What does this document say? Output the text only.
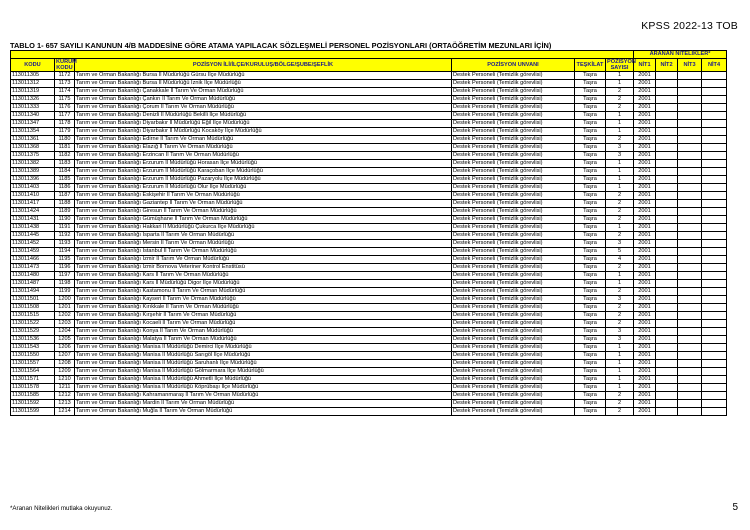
KPSS 2022-13 TOB
TABLO 1- 657 SAYILI KANUNUN 4/B MADDESİNE GÖRE ATAMA YAPILACAK SÖZLEŞMELİ PERSONEL POZİSYONLARI (ORTAÖĞRETİM MEZUNLARI İÇİN)
						ARANAN NİTELİKLER*			
KODU	KURUM KODU	POZİSYON İLİ/İLÇE/KURULUŞ/BÖLGE/ŞUBE/ŞEFLİK	POZİSYON UNVANI	TEŞKİLAT	POZİSYON SAYISI	NİT1	NİT2	NİT3	NİT4
113011305	1172	Tarım ve Orman Bakanlığı Bursa İl Müdürlüğü Gürsu İlçe Müdürlüğü	Destek Personeli (Temizlik görevlisi)	Taşra	1	2001			
113011312	1173	Tarım ve Orman Bakanlığı Bursa İl Müdürlüğü İznik İlçe Müdürlüğü	Destek Personeli (Temizlik görevlisi)	Taşra	1	2001			
113011319	1174	Tarım ve Orman Bakanlığı Çanakkale İl Tarım Ve Orman Müdürlüğü	Destek Personeli (Temizlik görevlisi)	Taşra	2	2001			
113011326	1175	Tarım ve Orman Bakanlığı Çankırı İl Tarım Ve Orman Müdürlüğü	Destek Personeli (Temizlik görevlisi)	Taşra	2	2001			
113011333	1176	Tarım ve Orman Bakanlığı Çorum İl Tarım Ve Orman Müdürlüğü	Destek Personeli (Temizlik görevlisi)	Taşra	2	2001			
113011340	1177	Tarım ve Orman Bakanlığı Denizli İl Müdürlüğü Bekilli İlçe Müdürlüğü	Destek Personeli (Temizlik görevlisi)	Taşra	1	2001			
113011347	1178	Tarım ve Orman Bakanlığı Diyarbakır İl Müdürlüğü Eğil İlçe Müdürlüğü	Destek Personeli (Temizlik görevlisi)	Taşra	1	2001			
113011354	1179	Tarım ve Orman Bakanlığı Diyarbakır İl Müdürlüğü Kocaköy İlçe Müdürlüğü	Destek Personeli (Temizlik görevlisi)	Taşra	1	2001			
113011361	1180	Tarım ve Orman Bakanlığı Edirne İl Tarım Ve Orman Müdürlüğü	Destek Personeli (Temizlik görevlisi)	Taşra	2	2001			
113011368	1181	Tarım ve Orman Bakanlığı Elazığ İl Tarım Ve Orman Müdürlüğü	Destek Personeli (Temizlik görevlisi)	Taşra	3	2001			
113011375	1182	Tarım ve Orman Bakanlığı Erzincan İl Tarım Ve Orman Müdürlüğü	Destek Personeli (Temizlik görevlisi)	Taşra	3	2001			
113011382	1183	Tarım ve Orman Bakanlığı Erzurum İl Müdürlüğü Horasan İlçe Müdürlüğü	Destek Personeli (Temizlik görevlisi)	Taşra	1	2001			
113011389	1184	Tarım ve Orman Bakanlığı Erzurum İl Müdürlüğü Karaçoban İlçe Müdürlüğü	Destek Personeli (Temizlik görevlisi)	Taşra	1	2001			
113011396	1185	Tarım ve Orman Bakanlığı Erzurum İl Müdürlüğü Pazaryolu İlçe Müdürlüğü	Destek Personeli (Temizlik görevlisi)	Taşra	1	2001			
113011403	1186	Tarım ve Orman Bakanlığı Erzurum İl Müdürlüğü Olur İlçe Müdürlüğü	Destek Personeli (Temizlik görevlisi)	Taşra	1	2001			
113011410	1187	Tarım ve Orman Bakanlığı Eskişehir İl Tarım Ve Orman Müdürlüğü	Destek Personeli (Temizlik görevlisi)	Taşra	2	2001			
113011417	1188	Tarım ve Orman Bakanlığı Gaziantep İl Tarım Ve Orman Müdürlüğü	Destek Personeli (Temizlik görevlisi)	Taşra	2	2001			
113011424	1189	Tarım ve Orman Bakanlığı Giresun İl Tarım Ve Orman Müdürlüğü	Destek Personeli (Temizlik görevlisi)	Taşra	2	2001			
113011431	1190	Tarım ve Orman Bakanlığı Gümüşhane İl Tarım Ve Orman Müdürlüğü	Destek Personeli (Temizlik görevlisi)	Taşra	2	2001			
113011438	1191	Tarım ve Orman Bakanlığı Hakkari İl Müdürlüğü Çukurca İlçe Müdürlüğü	Destek Personeli (Temizlik görevlisi)	Taşra	1	2001			
113011445	1192	Tarım ve Orman Bakanlığı Isparta İl Tarım Ve Orman Müdürlüğü	Destek Personeli (Temizlik görevlisi)	Taşra	2	2001			
113011452	1193	Tarım ve Orman Bakanlığı Mersin İl Tarım Ve Orman Müdürlüğü	Destek Personeli (Temizlik görevlisi)	Taşra	3	2001			
113011459	1194	Tarım ve Orman Bakanlığı İstanbul İl Tarım Ve Orman Müdürlüğü	Destek Personeli (Temizlik görevlisi)	Taşra	5	2001			
113011466	1195	Tarım ve Orman Bakanlığı İzmir İl Tarım Ve Orman Müdürlüğü	Destek Personeli (Temizlik görevlisi)	Taşra	4	2001			
113011473	1196	Tarım ve Orman Bakanlığı İzmir Bornova Veteriner Kontrol Enstitüsü	Destek Personeli (Temizlik görevlisi)	Taşra	2	2001			
113011480	1197	Tarım ve Orman Bakanlığı Kars İl Tarım Ve Orman Müdürlüğü	Destek Personeli (Temizlik görevlisi)	Taşra	1	2001			
113011487	1198	Tarım ve Orman Bakanlığı Kars İl Müdürlüğü Digor İlçe Müdürlüğü	Destek Personeli (Temizlik görevlisi)	Taşra	1	2001			
113011494	1199	Tarım ve Orman Bakanlığı Kastamonu İl Tarım Ve Orman Müdürlüğü	Destek Personeli (Temizlik görevlisi)	Taşra	2	2001			
113011501	1200	Tarım ve Orman Bakanlığı Kayseri İl Tarım Ve Orman Müdürlüğü	Destek Personeli (Temizlik görevlisi)	Taşra	3	2001			
113011508	1201	Tarım ve Orman Bakanlığı Kırıkkale İl Tarım Ve Orman Müdürlüğü	Destek Personeli (Temizlik görevlisi)	Taşra	2	2001			
113011515	1202	Tarım ve Orman Bakanlığı Kırşehir İl Tarım Ve Orman Müdürlüğü	Destek Personeli (Temizlik görevlisi)	Taşra	2	2001			
113011522	1203	Tarım ve Orman Bakanlığı Kocaeli İl Tarım Ve Orman Müdürlüğü	Destek Personeli (Temizlik görevlisi)	Taşra	2	2001			
113011529	1204	Tarım ve Orman Bakanlığı Konya İl Tarım Ve Orman Müdürlüğü	Destek Personeli (Temizlik görevlisi)	Taşra	3	2001			
113011536	1205	Tarım ve Orman Bakanlığı Malatya İl Tarım Ve Orman Müdürlüğü	Destek Personeli (Temizlik görevlisi)	Taşra	3	2001			
113011543	1206	Tarım ve Orman Bakanlığı Manisa İl Müdürlüğü Demirci İlçe Müdürlüğü	Destek Personeli (Temizlik görevlisi)	Taşra	1	2001			
113011550	1207	Tarım ve Orman Bakanlığı Manisa İl Müdürlüğü Sarıgöl İlçe Müdürlüğü	Destek Personeli (Temizlik görevlisi)	Taşra	1	2001			
113011557	1208	Tarım ve Orman Bakanlığı Manisa İl Müdürlüğü Saruhanlı İlçe Müdürlüğü	Destek Personeli (Temizlik görevlisi)	Taşra	1	2001			
113011564	1209	Tarım ve Orman Bakanlığı Manisa İl Müdürlüğü Gölmarmara İlçe Müdürlüğü	Destek Personeli (Temizlik görevlisi)	Taşra	1	2001			
113011571	1210	Tarım ve Orman Bakanlığı Manisa İl Müdürlüğü Ahmetli İlçe Müdürlüğü	Destek Personeli (Temizlik görevlisi)	Taşra	1	2001			
113011578	1211	Tarım ve Orman Bakanlığı Manisa İl Müdürlüğü Köprübaşı İlçe Müdürlüğü	Destek Personeli (Temizlik görevlisi)	Taşra	1	2001			
113011585	1212	Tarım ve Orman Bakanlığı Kahramanmaraş İl Tarım Ve Orman Müdürlüğü	Destek Personeli (Temizlik görevlisi)	Taşra	2	2001			
113011592	1213	Tarım ve Orman Bakanlığı Mardin İl Tarım Ve Orman Müdürlüğü	Destek Personeli (Temizlik görevlisi)	Taşra	2	2001			
113011599	1214	Tarım ve Orman Bakanlığı Muğla İl Tarım Ve Orman Müdürlüğü	Destek Personeli (Temizlik görevlisi)	Taşra	2	2001			
*Aranan Nitelikleri mutlaka okuyunuz.	5
